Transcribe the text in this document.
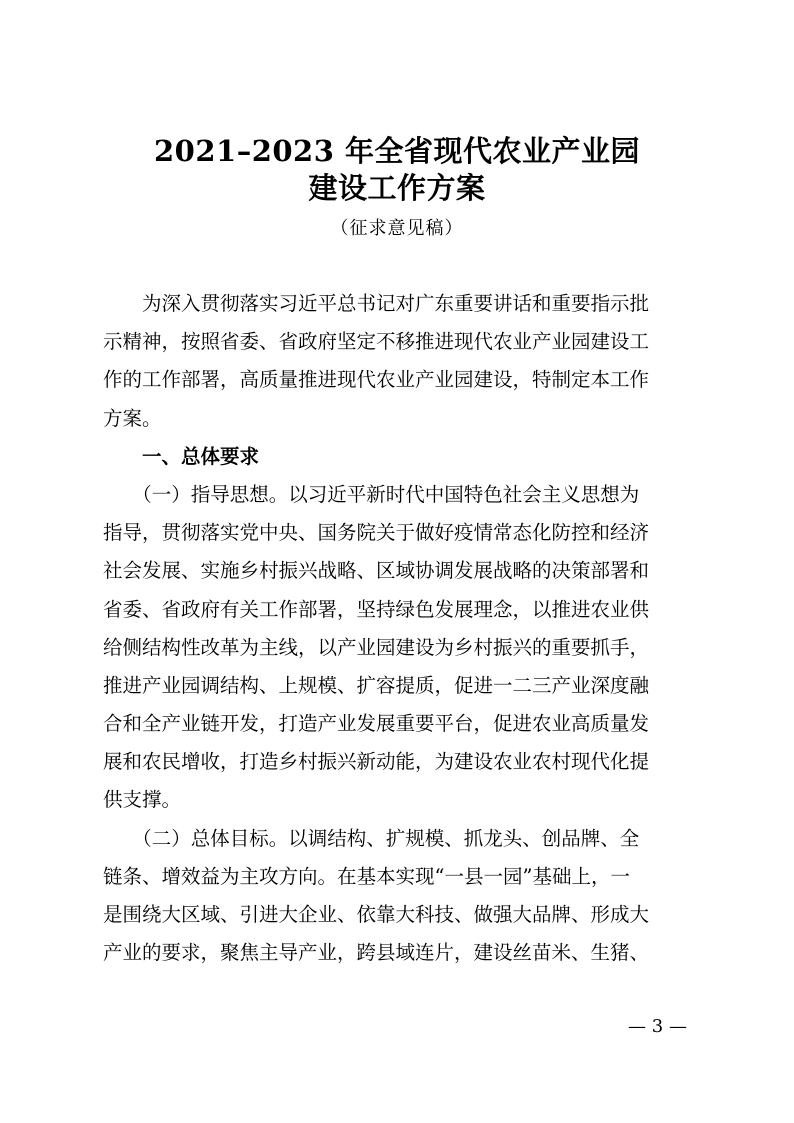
2021–2023 年全省现代农业产业园
建设工作方案
（征求意见稿）
　　为深入贯彻落实习近平总书记对广东重要讲话和重要指示批
示精神，按照省委、省政府坚定不移推进现代农业产业园建设工
作的工作部署，高质量推进现代农业产业园建设，特制定本工作
方案。
　　一、总体要求
　　（一）指导思想。以习近平新时代中国特色社会主义思想为
指导，贯彻落实党中央、国务院关于做好疫情常态化防控和经济
社会发展、实施乡村振兴战略、区域协调发展战略的决策部署和
省委、省政府有关工作部署，坚持绿色发展理念，以推进农业供
给侧结构性改革为主线，以产业园建设为乡村振兴的重要抓手，
推进产业园调结构、上规模、扩容提质，促进一二三产业深度融
合和全产业链开发，打造产业发展重要平台，促进农业高质量发
展和农民增收，打造乡村振兴新动能，为建设农业农村现代化提
供支撑。
　　（二）总体目标。以调结构、扩规模、抓龙头、创品牌、全
链条、增效益为主攻方向。在基本实现“一县一园”基础上，一
是围绕大区域、引进大企业、依靠大科技、做强大品牌、形成大
产业的要求，聚焦主导产业，跨县域连片，建设丝苗米、生猪、
— 3 —
